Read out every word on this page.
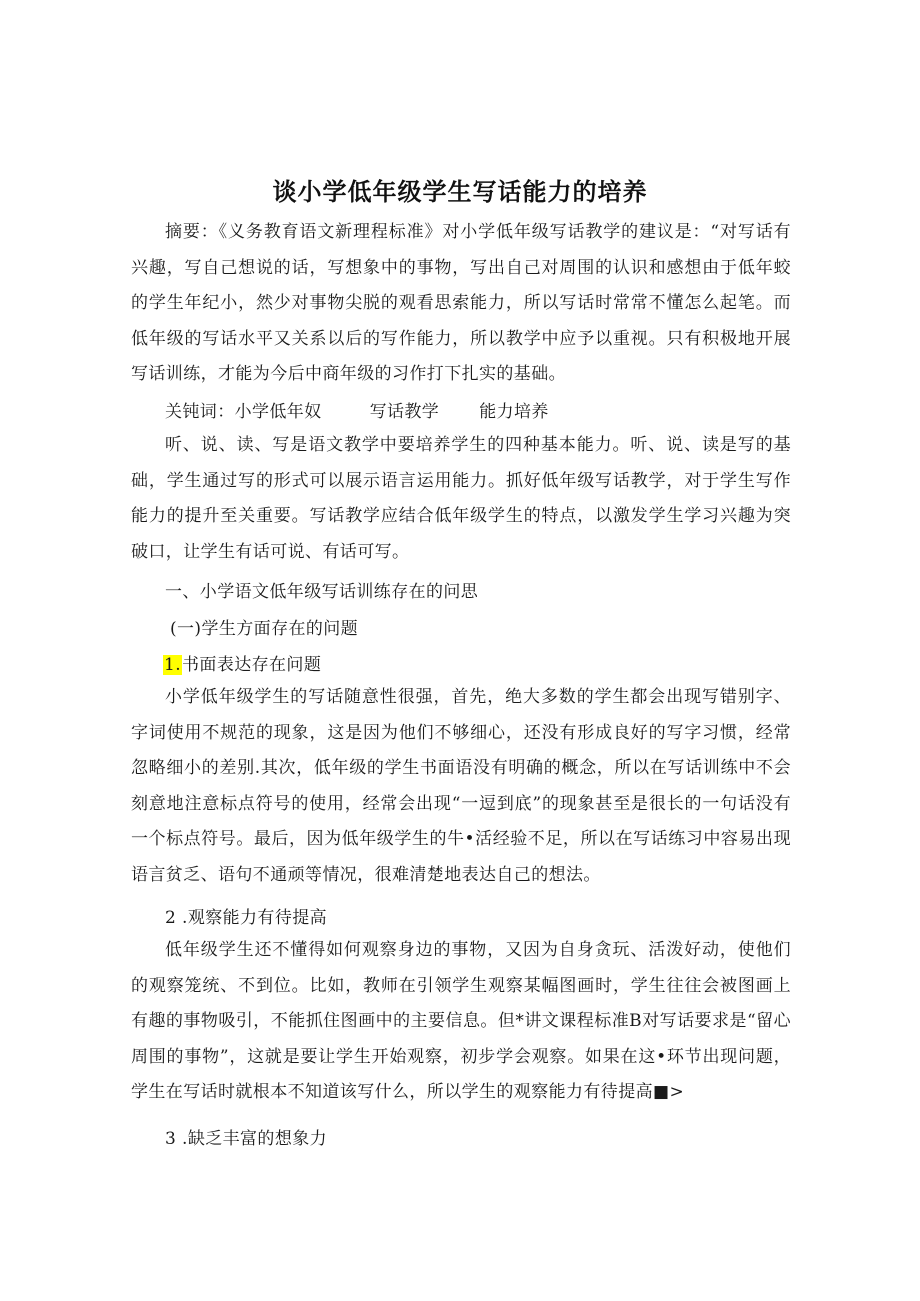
谈小学低年级学生写话能力的培养
摘要：《义务教育语文新理程标准》对小学低年级写话教学的建议是：“对写话有兴趣，写自己想说的话，写想象中的事物，写出自己对周围的认识和感想由于低年蛟的学生年纪小，然少对事物尖脱的观看思索能力，所以写话时常常不懂怎么起笔。而低年级的写话水平又关系以后的写作能力，所以教学中应予以重视。只有积极地开展写话训练，才能为今后中商年级的习作打下扎实的基础。
关钝词：小学低年奴	写话教学 能力培养
听、说、读、写是语文教学中要培养学生的四种基本能力。听、说、读是写的基础，学生通过写的形式可以展示语言运用能力。抓好低年级写话教学，对于学生写作能力的提升至关重要。写话教学应结合低年级学生的特点，以激发学生学习兴趣为突破口，让学生有话可说、有话可写。
一、小学语文低年级写话训练存在的问思
(一)学生方面存在的问题
1.书面表达存在问题
小学低年级学生的写话随意性很强，首先，绝大多数的学生都会出现写错别字、字词使用不规范的现象，这是因为他们不够细心，还没有形成良好的写字习惯，经常忽略细小的差别.其次，低年级的学生书面语没有明确的概念，所以在写话训练中不会刻意地注意标点符号的使用，经常会出现“一逗到底”的现象甚至是很长的一句话没有一个标点符号。最后，因为低年级学生的牛•活经验不足，所以在写话练习中容易出现语言贫乏、语句不通顽等情况，很难清楚地表达自己的想法。
2 .观察能力有待提高
低年级学生还不懂得如何观察身边的事物，又因为自身贪玩、活泼好动，使他们的观察笼统、不到位。比如，教师在引领学生观察某幅图画时，学生往往会被图画上有趣的事物吸引，不能抓住图画中的主要信息。但*讲文课程标准B对写话要求是“留心周围的事物”，这就是要让学生开始观察，初步学会观察。如果在这•环节出现问题，学生在写话时就根本不知道该写什么，所以学生的观察能力有待提高■>
3 .缺乏丰富的想象力
